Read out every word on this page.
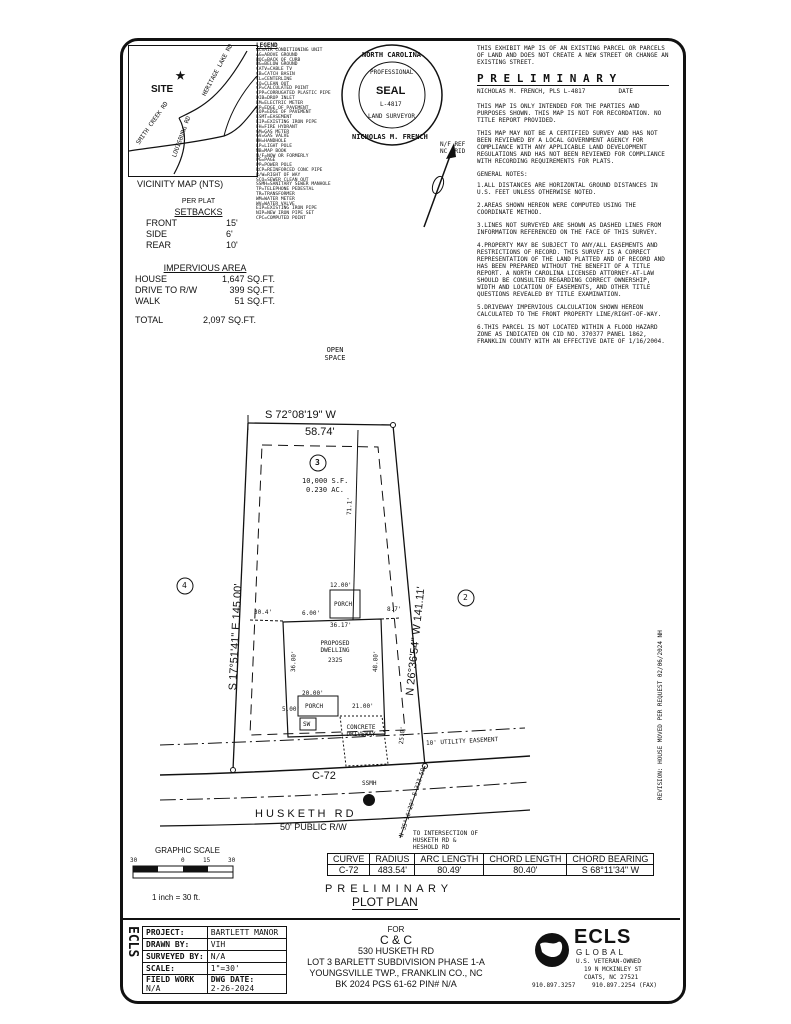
SITE
★	HERITAGE LAKE RD
SMITH CREEK RD LOUISBURG RD
VICINITY MAP (NTS)
LEGEND
AC=AIR CONDITIONING UNIT
AG=ABOVE GROUND
BOC=BACK OF CURB
BG=BELOW GROUND
CATV=CABLE TV
CB=CATCH BASIN
CL=CENTERLINE
CO=CLEAN OUT
CP=CALCULATED POINT
CPP=CORRUGATED PLASTIC PIPE
DIB=DROP INLET
EM=ELECTRIC METER
EP=EDGE OF PAVEMENT
EOP=EDGE OF PAVEMENT
ESMT=EASEMENT
EIP=EXISTING IRON PIPE
FH=FIRE HYDRANT
GM=GAS METER
GV=GAS VALVE
HH=HANDHOLE
LP=LIGHT POLE
MB=MAP BOOK
N/F=NOW OR FORMERLY
PG=PAGE
PP=POWER POLE
RCP=REINFORCED CONC PIPE
R/W=RIGHT OF WAY
SCO=SEWER CLEAN OUT
SSMH=SANITARY SEWER MANHOLE
TP=TELEPHONE PEDESTAL
TR=TRANSFORMER
WM=WATER METER
WV=WATER VALVE
EIP=EXISTING IRON PIPE
NIP=NEW IRON PIPE SET
CPC=COMPUTED POINT
NORTH CAROLINA
PROFESSIONAL
SEAL
L-4817
LAND SURVEYOR
NICHOLAS M. FRENCH
N/F REF NC GRID

THIS EXHIBIT MAP IS OF AN EXISTING PARCEL OR PARCELS OF LAND AND DOES NOT CREATE A NEW STREET OR CHANGE AN EXISTING STREET.

P R E L I M I N A R Y
NICHOLAS M. FRENCH, PLS L-4817	DATE

THIS MAP IS ONLY INTENDED FOR THE PARTIES AND PURPOSES SHOWN. THIS MAP IS NOT FOR RECORDATION. NO TITLE REPORT PROVIDED.

THIS MAP MAY NOT BE A CERTIFIED SURVEY AND HAS NOT BEEN REVIEWED BY A LOCAL GOVERNMENT AGENCY FOR COMPLIANCE WITH ANY APPLICABLE LAND DEVELOPMENT REGULATIONS AND HAS NOT BEEN REVIEWED FOR COMPLIANCE WITH RECORDING REQUIREMENTS FOR PLATS.

GENERAL NOTES:

1.ALL DISTANCES ARE HORIZONTAL GROUND DISTANCES IN U.S. FEET UNLESS OTHERWISE NOTED.

2.AREAS SHOWN HEREON WERE COMPUTED USING THE COORDINATE METHOD.

3.LINES NOT SURVEYED ARE SHOWN AS DASHED LINES FROM INFORMATION REFERENCED ON THE FACE OF THIS SURVEY.

4.PROPERTY MAY BE SUBJECT TO ANY/ALL EASEMENTS AND RESTRICTIONS OF RECORD. THIS SURVEY IS A CORRECT REPRESENTATION OF THE LAND PLATTED AND OF RECORD AND HAS BEEN PREPARED WITHOUT THE BENEFIT OF A TITLE REPORT. A NORTH CAROLINA LICENSED ATTORNEY-AT-LAW SHOULD BE CONSULTED REGARDING CORRECT OWNERSHIP, WIDTH AND LOCATION OF EASEMENTS, AND OTHER TITLE QUESTIONS REVEALED BY TITLE EXAMINATION.

5.DRIVEWAY IMPERVIOUS CALCULATION SHOWN HEREON CALCULATED TO THE FRONT PROPERTY LINE/RIGHT-OF-WAY.

6.THIS PARCEL IS NOT LOCATED WITHIN A FLOOD HAZARD ZONE AS INDICATED ON CID NO. 370377 PANEL 1862, FRANKLIN COUNTY WITH AN EFFECTIVE DATE OF 1/16/2004.

PER PLAT
SETBACKS
FRONT	15'
SIDE	6'
REAR	10'
IMPERVIOUS AREA
HOUSE	1,647 SQ.FT.
DRIVE TO R/W	399 SQ.FT.
WALK	51 SQ.FT.
TOTAL	2,097 SQ.FT.
OPEN SPACE
S 72°08'19" W
58.74'
3
10,000 S.F.
0.230 AC.
S 17°51'41" E 145.00'	N 26°36'54" W 141.11'
4
2
71.1'
12.00'
PORCH
30.4'	6.00'
8.7'
36.17'
PROPOSED DWELLING
2325
36.00'	48.00'
20.00'
PORCH	21.00'
5.00'
SW	CONCRETE DRIVEWAY
10' UTILITY EASEMENT
25.0'
C-72
SSMH
H U S K E T H   R D
50' PUBLIC R/W
TO INTERSECTION OF HUSKETH RD & HESHOLD RD
N 35°16'29" E 323.59'
REVISION: HOUSE MOVED PER REQUEST 02/06/2024 NH
CURVE	RADIUS	ARC LENGTH	CHORD LENGTH	CHORD BEARING
C-72	483.54'	80.49'	80.40'	S 68°11'34" W
GRAPHIC SCALE
30	0	15	30
1 inch = 30 ft.
P R E L I M I N A R Y
PLOT PLAN
ECLS PROJECT:	BARTLETT MANOR
DRAWN BY:	VIH
SURVEYED BY:	N/A
SCALE:	1"=30'
FIELD WORK
N/A	DWG DATE:
2-26-2024
FOR
C & C
530 HUSKETH RD
LOT 3 BARLETT SUBDIVISION PHASE 1-A
YOUNGSVILLE TWP., FRANKLIN CO., NC
BK 2024 PGS 61-62 PIN# N/A
ECLS
GLOBAL
U.S. VETERAN-OWNED
19 N MCKINLEY ST
COATS, NC 27521
910.897.3257	910.897.2254 (FAX)
